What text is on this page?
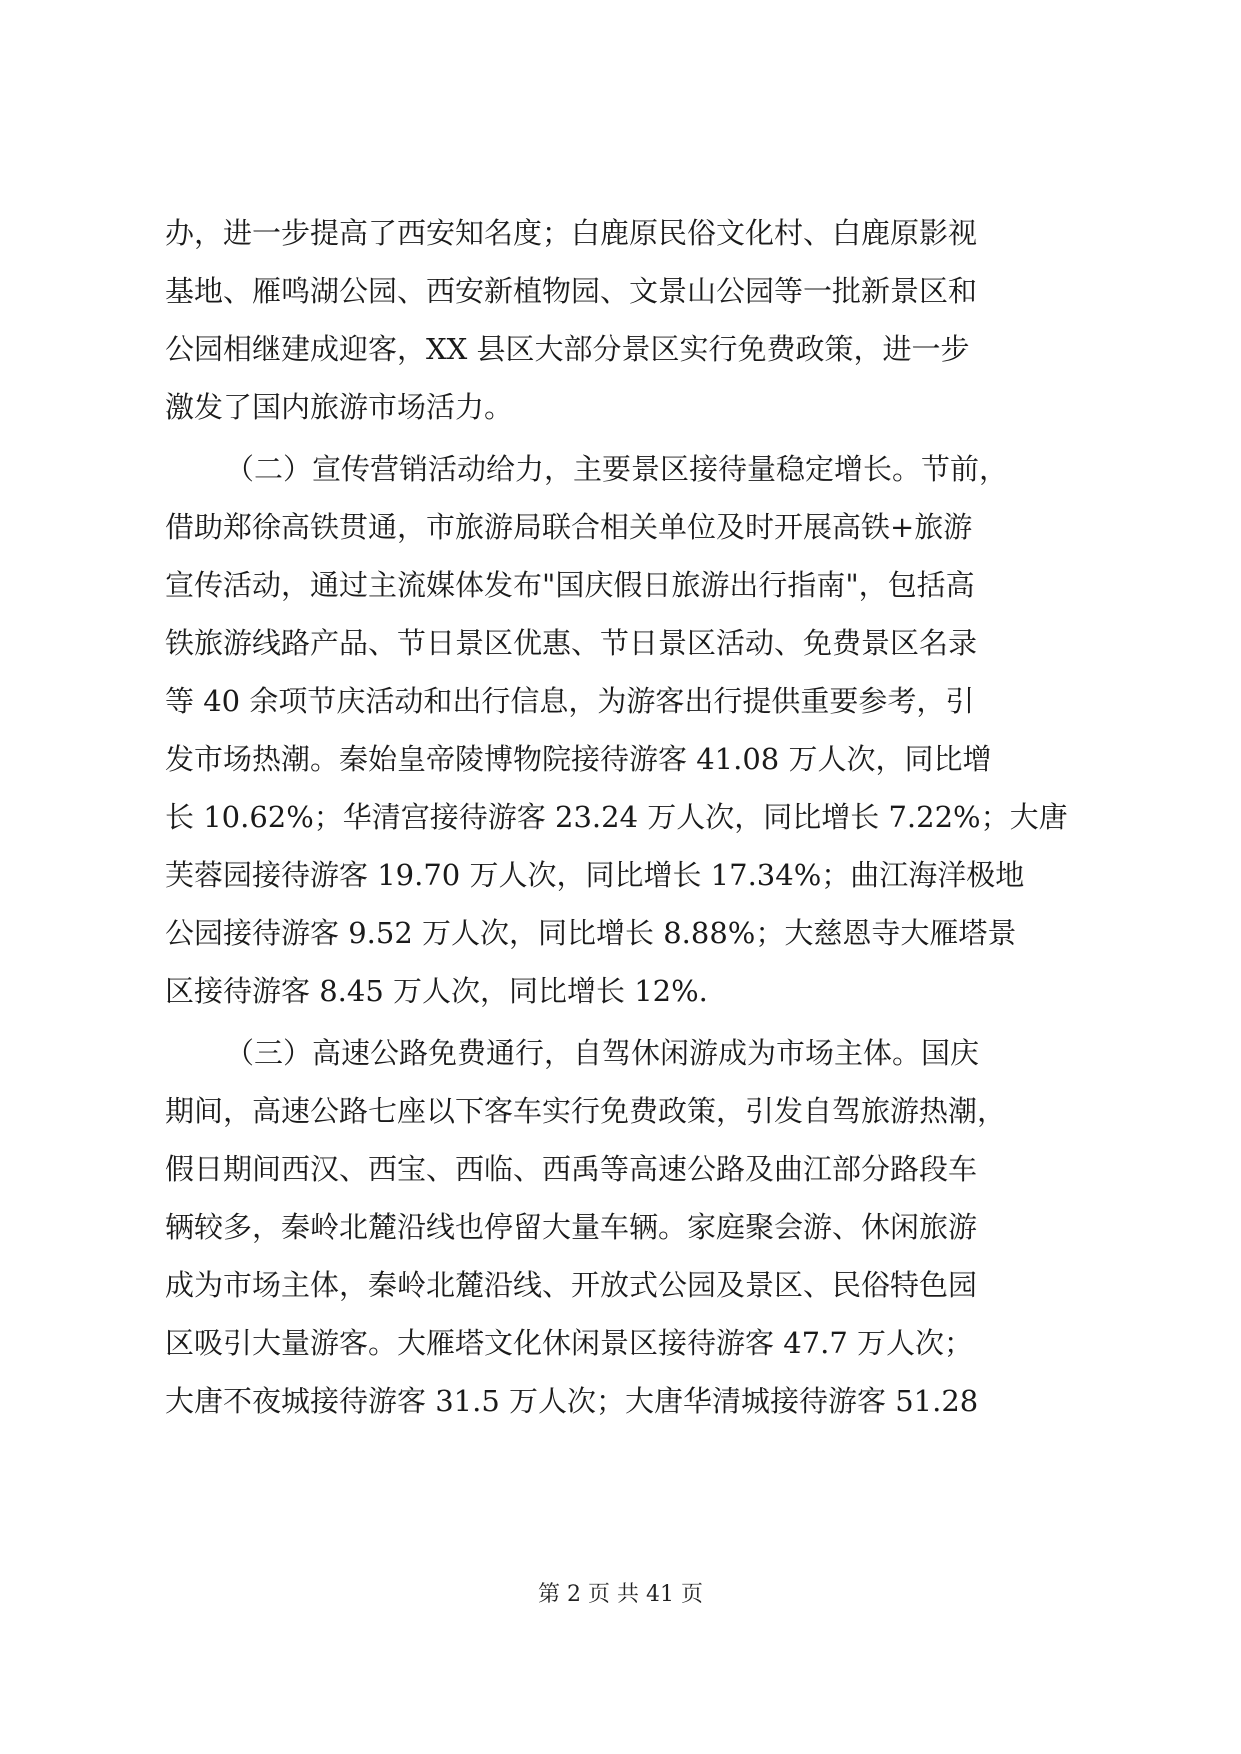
办，进一步提高了西安知名度；白鹿原民俗文化村、白鹿原影视
基地、雁鸣湖公园、西安新植物园、文景山公园等一批新景区和
公园相继建成迎客，XX 县区大部分景区实行免费政策，进一步
激发了国内旅游市场活力。
（二）宣传营销活动给力，主要景区接待量稳定增长。节前，
借助郑徐高铁贯通，市旅游局联合相关单位及时开展高铁+旅游
宣传活动，通过主流媒体发布"国庆假日旅游出行指南"，包括高
铁旅游线路产品、节日景区优惠、节日景区活动、免费景区名录
等 40 余项节庆活动和出行信息，为游客出行提供重要参考，引
发市场热潮。秦始皇帝陵博物院接待游客 41.08 万人次，同比增
长 10.62%；华清宫接待游客 23.24 万人次，同比增长 7.22%；大唐
芙蓉园接待游客 19.70 万人次，同比增长 17.34%；曲江海洋极地
公园接待游客 9.52 万人次，同比增长 8.88%；大慈恩寺大雁塔景
区接待游客 8.45 万人次，同比增长 12%.
（三）高速公路免费通行，自驾休闲游成为市场主体。国庆
期间，高速公路七座以下客车实行免费政策，引发自驾旅游热潮，
假日期间西汉、西宝、西临、西禹等高速公路及曲江部分路段车
辆较多，秦岭北麓沿线也停留大量车辆。家庭聚会游、休闲旅游
成为市场主体，秦岭北麓沿线、开放式公园及景区、民俗特色园
区吸引大量游客。大雁塔文化休闲景区接待游客 47.7 万人次；
大唐不夜城接待游客 31.5 万人次；大唐华清城接待游客 51.28
第 2 页 共 41 页
